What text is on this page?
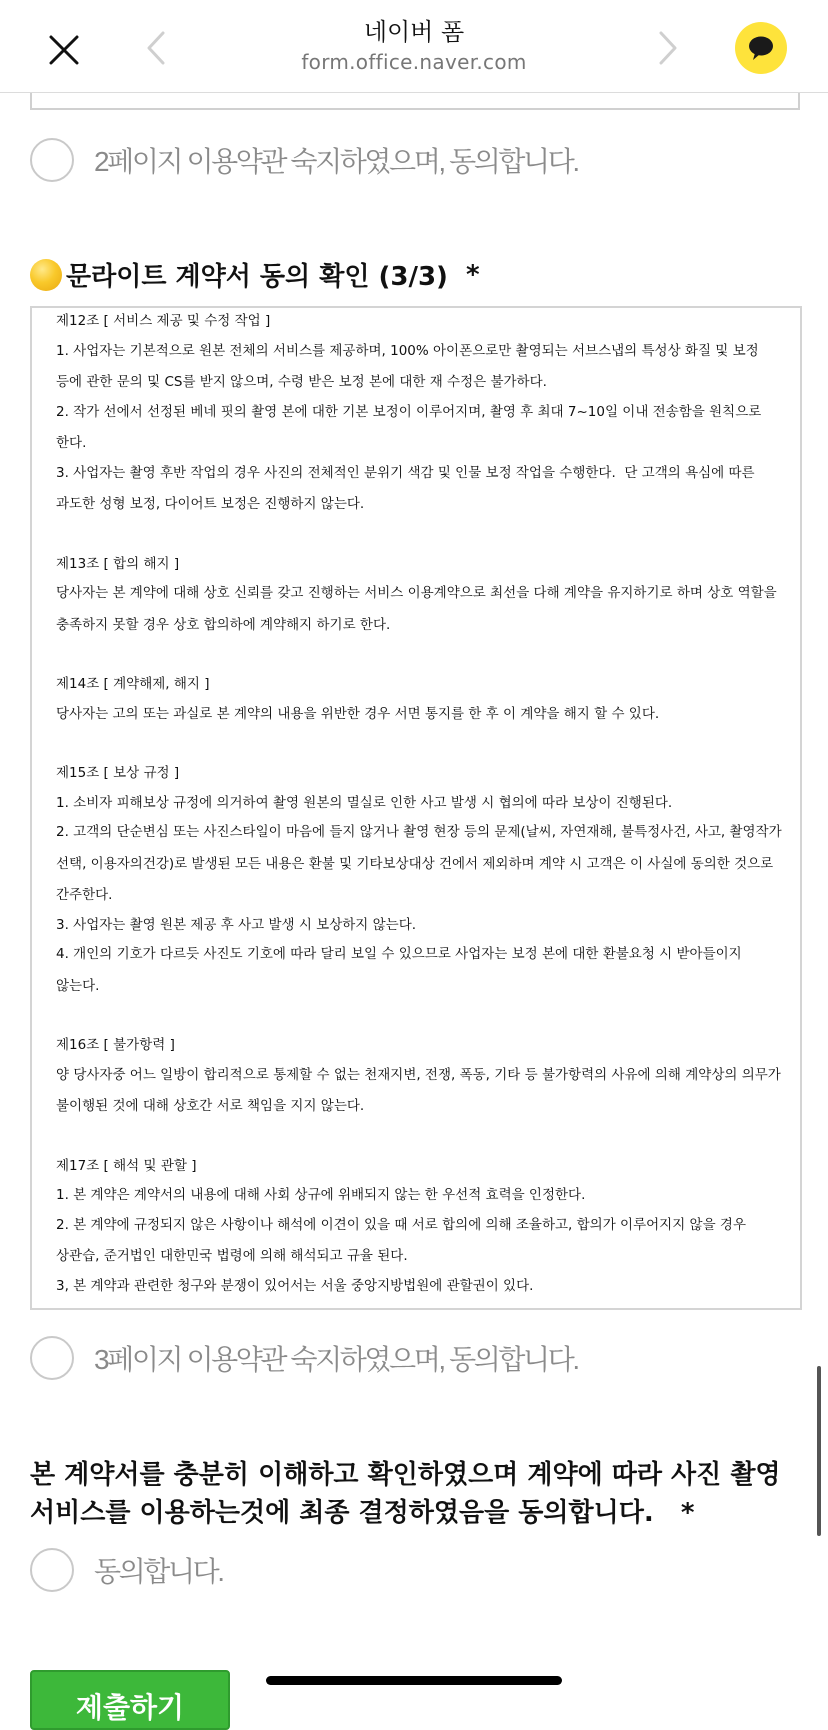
네이버 폼
form.office.naver.com
2페이지 이용약관 숙지하였으며, 동의합니다.
문라이트 계약서 동의 확인 (3/3) *
제12조 [ 서비스 제공 및 수정 작업 ]
1. 사업자는 기본적으로 원본 전체의 서비스를 제공하며, 100% 아이폰으로만 촬영되는 서브스냅의 특성상 화질 및 보정 등에 관한 문의 및 CS를 받지 않으며, 수령 받은 보정 본에 대한 재 수정은 불가하다.
2. 작가 선에서 선정된 베네 핏의 촬영 본에 대한 기본 보정이 이루어지며, 촬영 후 최대 7~10일 이내 전송함을 원칙으로 한다.
3. 사업자는 촬영 후반 작업의 경우 사진의 전체적인 분위기 색감 및 인물 보정 작업을 수행한다.  단 고객의 욕심에 따른 과도한 성형 보정, 다이어트 보정은 진행하지 않는다.
제13조 [ 합의 해지 ]
당사자는 본 계약에 대해 상호 신뢰를 갖고 진행하는 서비스 이용계약으로 최선을 다해 계약을 유지하기로 하며 상호 역할을 충족하지 못할 경우 상호 합의하에 계약해지 하기로 한다.
제14조 [ 계약해제, 해지 ]
당사자는 고의 또는 과실로 본 계약의 내용을 위반한 경우 서면 통지를 한 후 이 계약을 해지 할 수 있다.
제15조 [ 보상 규정 ]
1. 소비자 피해보상 규정에 의거하여 촬영 원본의 멸실로 인한 사고 발생 시 협의에 따라 보상이 진행된다.
2. 고객의 단순변심 또는 사진스타일이 마음에 들지 않거나 촬영 현장 등의 문제(날씨, 자연재해, 불특정사건, 사고, 촬영작가 선택, 이용자의건강)로 발생된 모든 내용은 환불 및 기타보상대상 건에서 제외하며 계약 시 고객은 이 사실에 동의한 것으로 간주한다.
3. 사업자는 촬영 원본 제공 후 사고 발생 시 보상하지 않는다.
4. 개인의 기호가 다르듯 사진도 기호에 따라 달리 보일 수 있으므로 사업자는 보정 본에 대한 환불요청 시 받아들이지 않는다.
제16조 [ 불가항력 ]
양 당사자중 어느 일방이 합리적으로 통제할 수 없는 천재지변, 전쟁, 폭동, 기타 등 불가항력의 사유에 의해 계약상의 의무가 불이행된 것에 대해 상호간 서로 책임을 지지 않는다.
제17조 [ 해석 및 관할 ]
1. 본 계약은 계약서의 내용에 대해 사회 상규에 위배되지 않는 한 우선적 효력을 인정한다.
2. 본 계약에 규정되지 않은 사항이나 해석에 이견이 있을 때 서로 합의에 의해 조율하고, 합의가 이루어지지 않을 경우 상관습, 준거법인 대한민국 법령에 의해 해석되고 규율 된다.
3, 본 계약과 관련한 청구와 분쟁이 있어서는 서울 중앙지방법원에 관할권이 있다.
3페이지 이용약관 숙지하였으며, 동의합니다.
본 계약서를 충분히 이해하고 확인하였으며 계약에 따라 사진 촬영 서비스를 이용하는것에 최종 결정하였음을 동의합니다. *
동의합니다.
제출하기
